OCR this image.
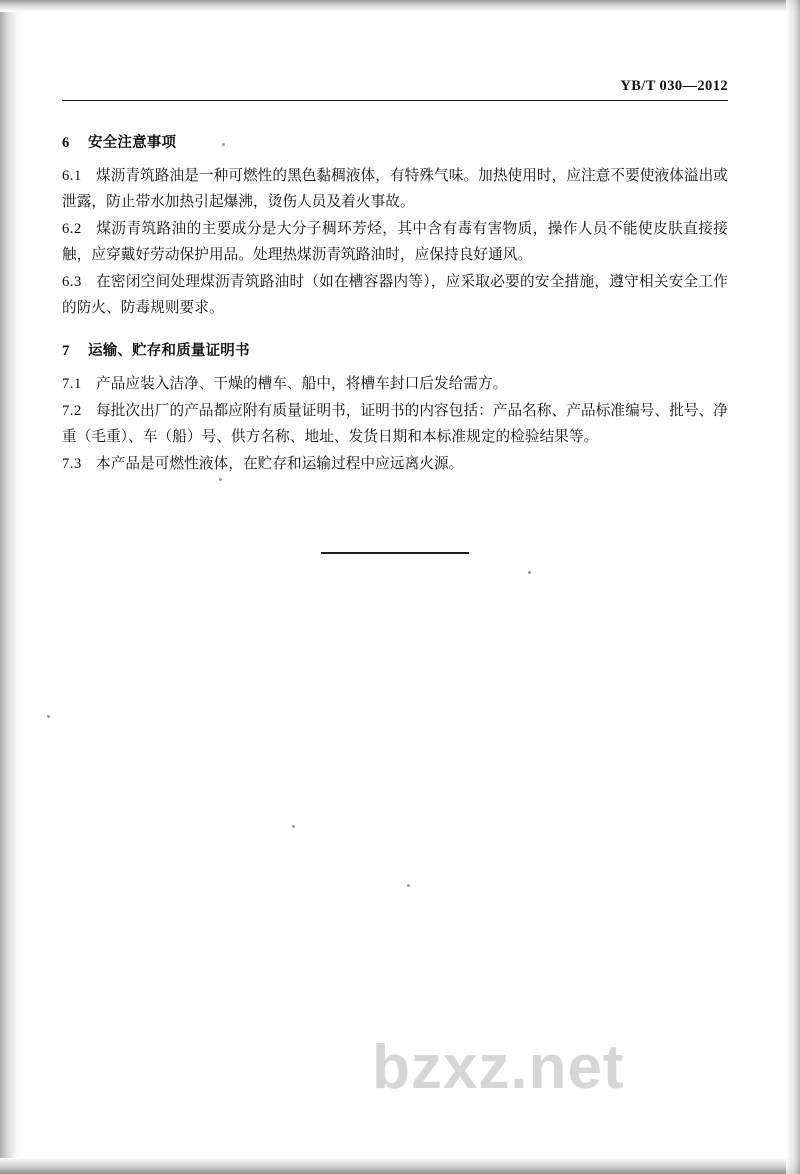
YB/T 030—2012
6 安全注意事项

6.1 煤沥青筑路油是一种可燃性的黑色黏稠液体，有特殊气味。加热使用时，应注意不要使液体溢出或泄露，防止带水加热引起爆沸，烫伤人员及着火事故。

6.2 煤沥青筑路油的主要成分是大分子稠环芳烃，其中含有毒有害物质，操作人员不能使皮肤直接接触，应穿戴好劳动保护用品。处理热煤沥青筑路油时，应保持良好通风。

6.3 在密闭空间处理煤沥青筑路油时（如在槽容器内等），应采取必要的安全措施，遵守相关安全工作的防火、防毒规则要求。

7 运输、贮存和质量证明书

7.1 产品应装入洁净、干燥的槽车、船中，将槽车封口后发给需方。

7.2 每批次出厂的产品都应附有质量证明书，证明书的内容包括：产品名称、产品标准编号、批号、净重（毛重）、车（船）号、供方名称、地址、发货日期和本标准规定的检验结果等。

7.3 本产品是可燃性液体，在贮存和运输过程中应远离火源。

bzxz.net
